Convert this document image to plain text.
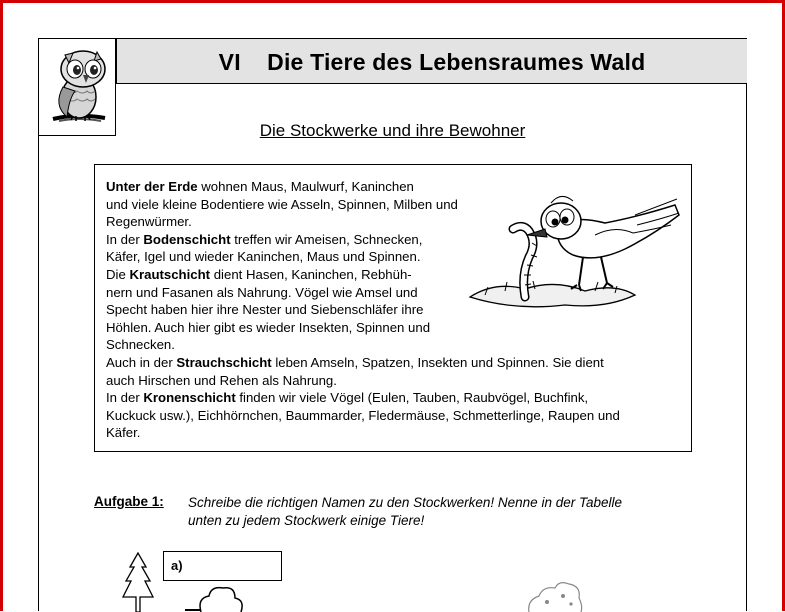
VI    Die Tiere des Lebensraumes Wald
Die Stockwerke und ihre Bewohner
Unter der Erde wohnen Maus, Maulwurf, Kaninchen
und viele kleine Bodentiere wie Asseln, Spinnen, Milben und
Regenwürmer.
In der Bodenschicht treffen wir Ameisen, Schnecken,
Käfer, Igel und wieder Kaninchen, Maus und Spinnen.
Die Krautschicht dient Hasen, Kaninchen, Rebhüh-
nern und Fasanen als Nahrung. Vögel wie Amsel und
Specht haben hier ihre Nester und Siebenschläfer ihre
Höhlen. Auch hier gibt es wieder Insekten, Spinnen und
Schnecken.
Auch in der Strauchschicht leben Amseln, Spatzen, Insekten und Spinnen. Sie dient
auch Hirschen und Rehen als Nahrung.
In der Kronenschicht finden wir viele Vögel (Eulen, Tauben, Raubvögel, Buchfink,
Kuckuck usw.), Eichhörnchen, Baummarder, Fledermäuse, Schmetterlinge, Raupen und
Käfer.
Aufgabe 1: Schreibe die richtigen Namen zu den Stockwerken! Nenne in der Tabelle
unten zu jedem Stockwerk einige Tiere!
a)
